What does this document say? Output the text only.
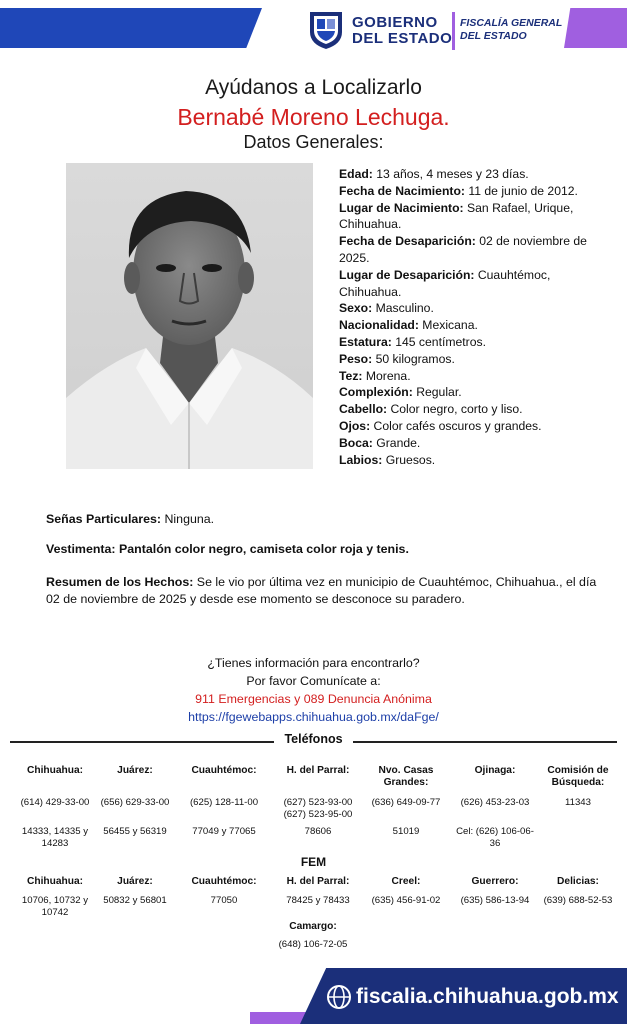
GOBIERNO
DEL ESTADO
FISCALÍA GENERAL
DEL ESTADO
Ayúdanos a Localizarlo
Bernabé Moreno Lechuga.
Datos Generales:
Edad: 13 años, 4 meses y 23 días.
Fecha de Nacimiento: 11 de junio de 2012.
Lugar de Nacimiento: San Rafael, Urique, Chihuahua.
Fecha de Desaparición: 02 de noviembre de 2025.
Lugar de Desaparición: Cuauhtémoc, Chihuahua.
Sexo: Masculino.
Nacionalidad: Mexicana.
Estatura: 145 centímetros.
Peso: 50 kilogramos.
Tez: Morena.
Complexión: Regular.
Cabello: Color negro, corto y liso.
Ojos: Color cafés oscuros y grandes.
Boca: Grande.
Labios: Gruesos.
Señas Particulares: Ninguna.
Vestimenta: Pantalón color negro, camiseta color roja y tenis.
Resumen de los Hechos: Se le vio por última vez en municipio de Cuauhtémoc, Chihuahua., el día 02 de noviembre de 2025 y desde ese momento se desconoce su paradero.
¿Tienes información para encontrarlo?
Por favor Comunícate a:
911 Emergencias y 089 Denuncia Anónima
https://fgewebapps.chihuahua.gob.mx/daFge/
Teléfonos
Chihuahua:
(614) 429-33-00
14333, 14335 y 14283
Juárez:
(656) 629-33-00
56455 y 56319
Cuauhtémoc:
(625) 128-11-00
77049 y 77065
H. del Parral:
(627) 523-93-00 (627) 523-95-00
78606
Nvo. Casas Grandes:
(636) 649-09-77
51019
Ojinaga:
(626) 453-23-03
Cel: (626) 106-06-36
Comisión de Búsqueda:
11343
FEM
Chihuahua:
10706, 10732 y 10742
Juárez:
50832 y 56801
Cuauhtémoc:
77050
H. del Parral:
78425 y 78433
Creel:
(635) 456-91-02
Guerrero:
(635) 586-13-94
Delicias:
(639) 688-52-53
Camargo:
(648) 106-72-05
fiscalia.chihuahua.gob.mx
